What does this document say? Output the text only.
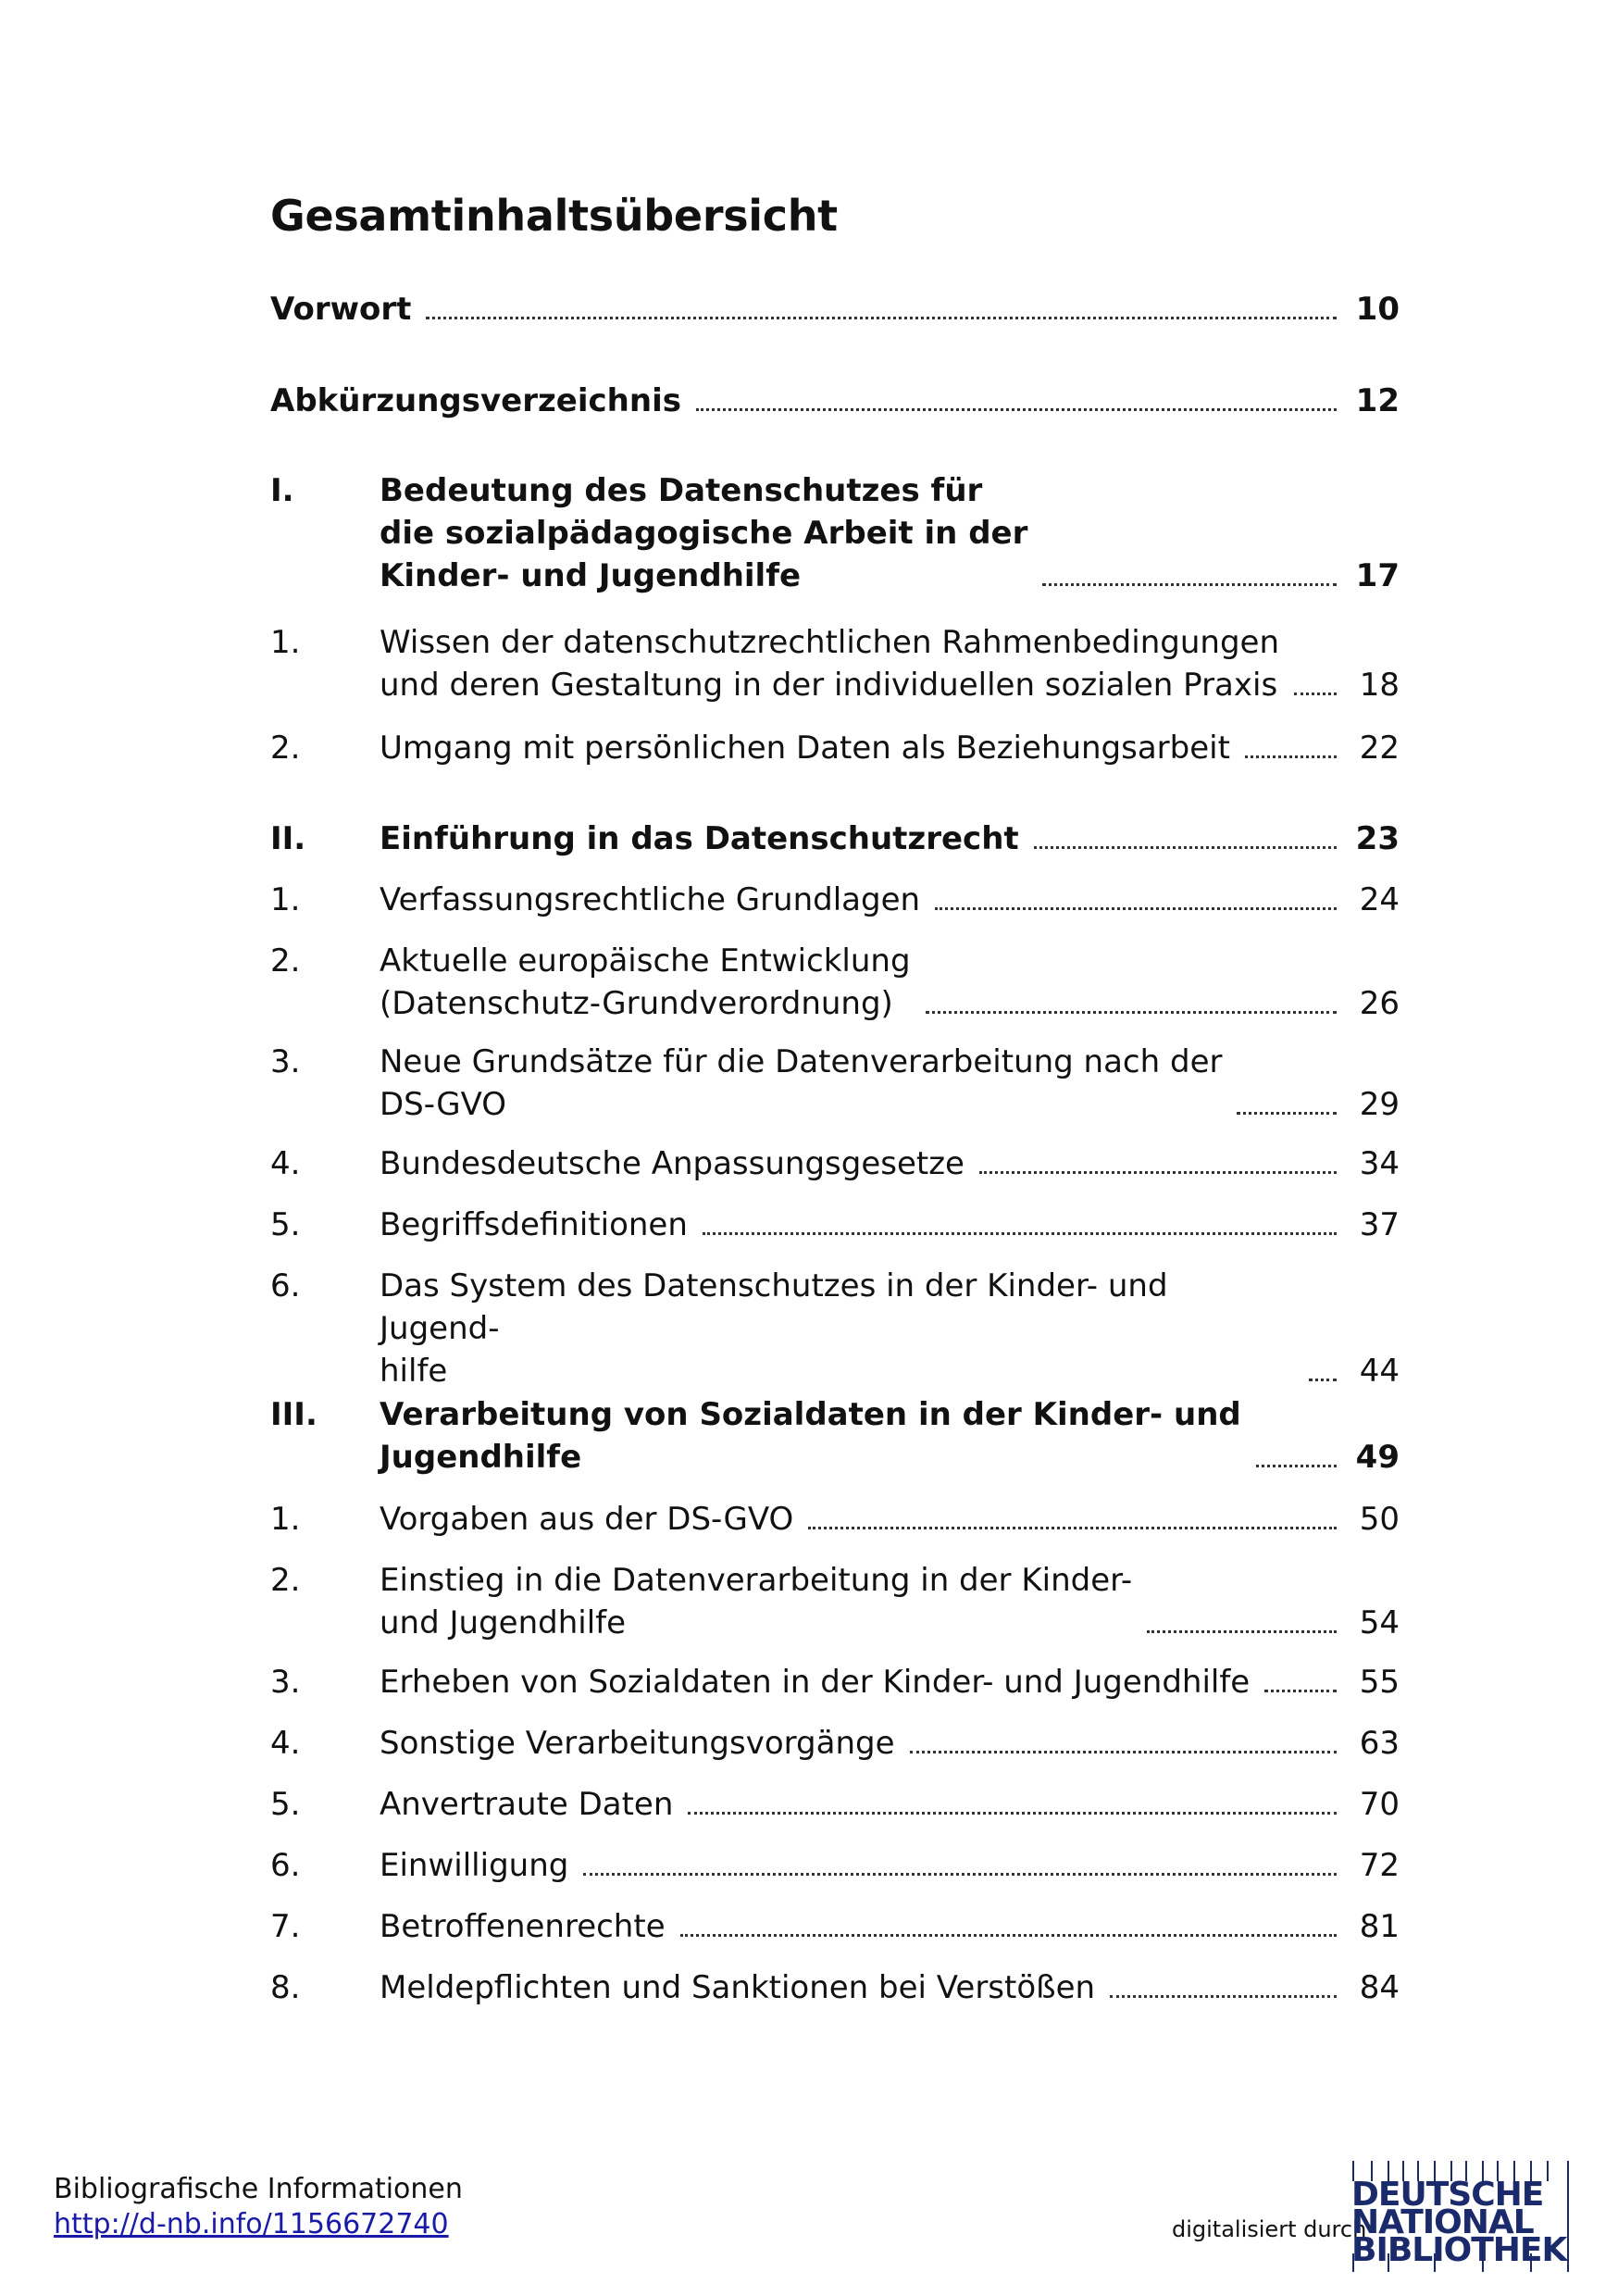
Gesamtinhaltsübersicht
Vorwort	10
Abkürzungsverzeichnis	12
I.	Bedeutung des Datenschutzes für
die sozialpädagogische Arbeit in der
Kinder- und Jugendhilfe	17
1.	Wissen der datenschutzrechtlichen Rahmenbedingungen
und deren Gestaltung in der individuellen sozialen Praxis	18
2.	Umgang mit persönlichen Daten als Beziehungsarbeit	22
II.	Einführung in das Datenschutzrecht	23
1.	Verfassungsrechtliche Grundlagen	24
2.	Aktuelle europäische Entwicklung
(Datenschutz-Grundverordnung)	26
3.	Neue Grundsätze für die Datenverarbeitung nach der
DS-GVO	29
4.	Bundesdeutsche Anpassungsgesetze	34
5.	Begriffsdefinitionen	37
6.	Das System des Datenschutzes in der Kinder- und Jugend-
hilfe	44
III.	Verarbeitung von Sozialdaten in der Kinder- und
Jugendhilfe	49
1.	Vorgaben aus der DS-GVO	50
2.	Einstieg in die Datenverarbeitung in der Kinder-
und Jugendhilfe	54
3.	Erheben von Sozialdaten in der Kinder- und Jugendhilfe	55
4.	Sonstige Verarbeitungsvorgänge	63
5.	Anvertraute Daten	70
6.	Einwilligung	72
7.	Betroffenenrechte	81
8.	Meldepflichten und Sanktionen bei Verstößen	84
Bibliografische Informationen
http://d-nb.info/1156672740	digitalisiert durch
DEUTSCHE
NATIONAL
BIBLIOTHEK
